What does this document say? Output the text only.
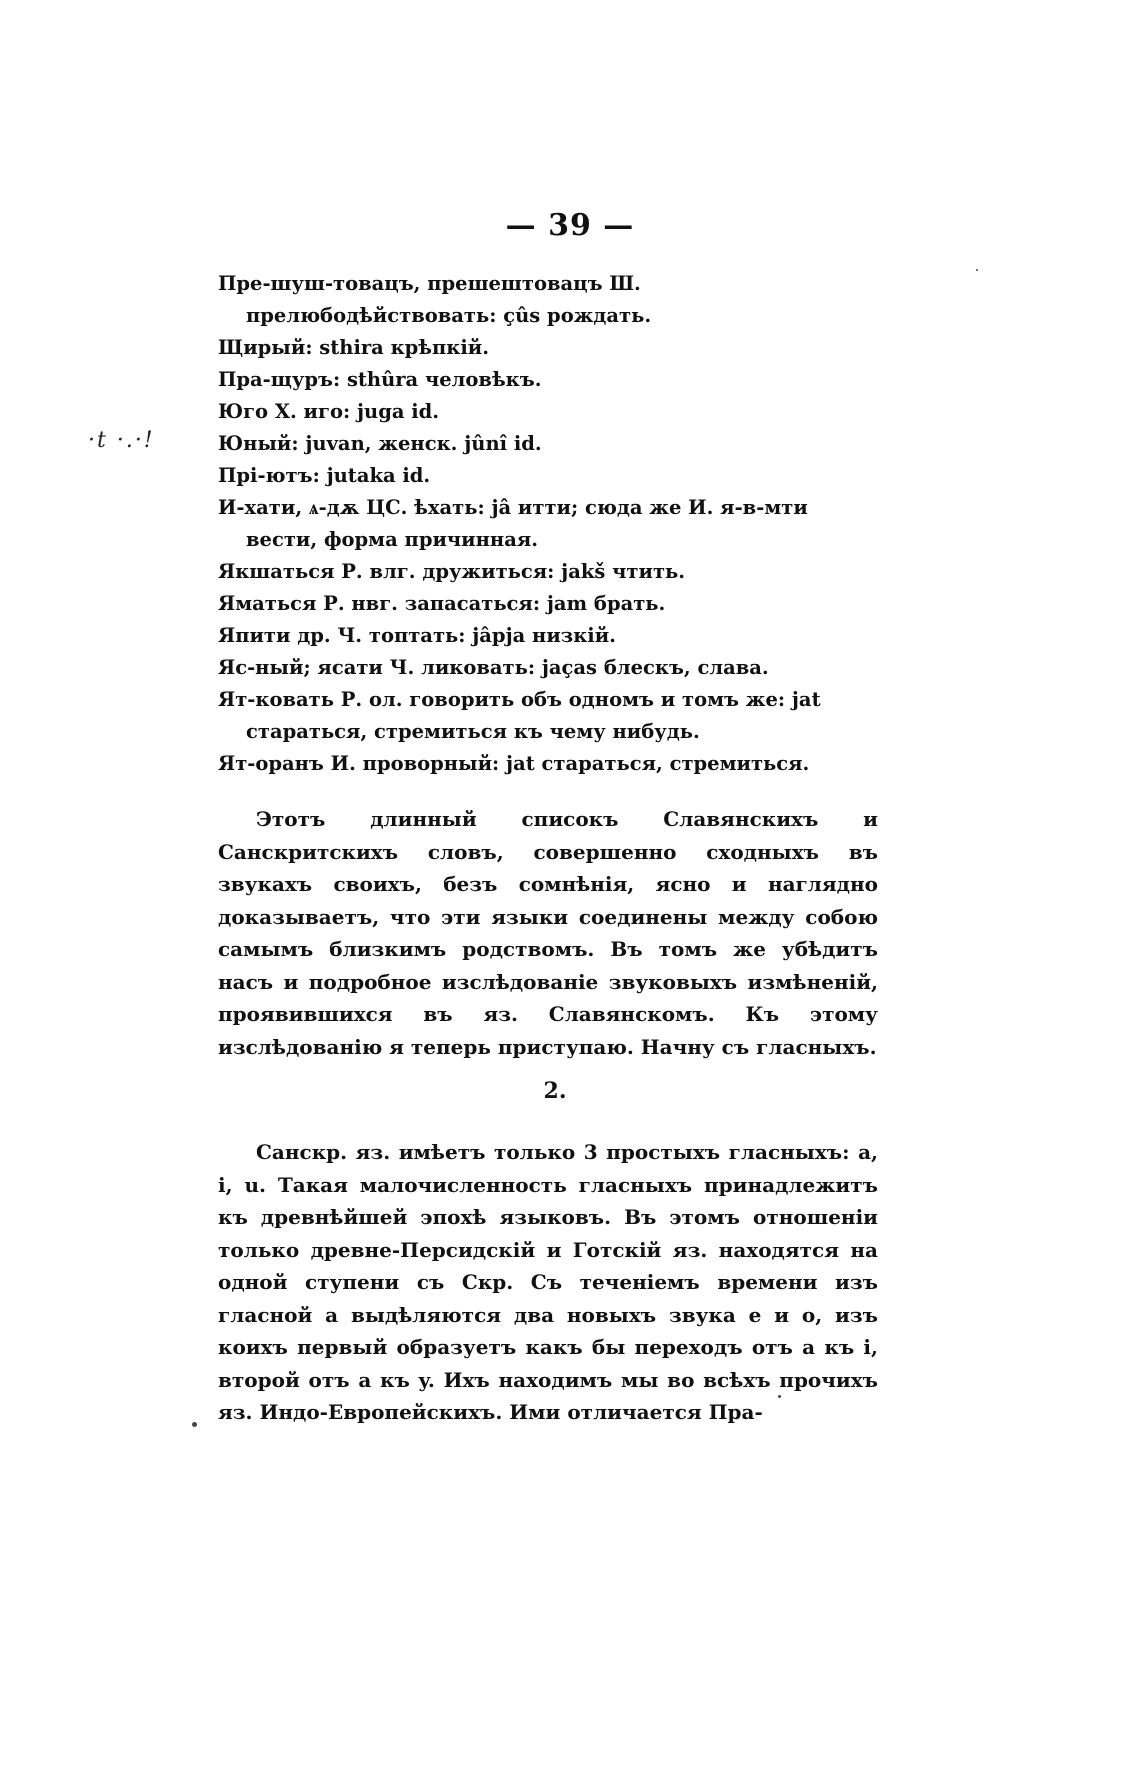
— 39 —
·t ·.·!
Пре-шуш-товацъ, прешештовацъ Ш. прелюбодѣйствовать: çûs рождать.
Щирый: sthira крѣпкій.
Пра-щуръ: sthûra человѣкъ.
Юго Х. иго: juga id.
Юный: juvan, женск. jûnî id.
Прі-ютъ: jutaka id.
И-хати, ѧ-дѫ ЦС. ѣхать: jâ итти; сюда же И. я-в-мти вести, форма причинная.
Якшаться Р. влг. дружиться: jakš чтить.
Яматься Р. нвг. запасаться: jam брать.
Япити др. Ч. топтать: jâpja низкій.
Яс-ный; ясати Ч. ликовать: jaças блескъ, слава.
Ят-ковать Р. ол. говорить объ одномъ и томъ же: jat стараться, стремиться къ чему нибудь.
Ят-оранъ И. проворный: jat стараться, стремиться.

Этотъ длинный списокъ Славянскихъ и Санскритскихъ словъ, совершенно сходныхъ въ звукахъ своихъ, безъ сомнѣнія, ясно и наглядно доказываетъ, что эти языки соединены между собою самымъ близкимъ родствомъ. Въ томъ же убѣдитъ насъ и подробное изслѣдованіе звуковыхъ измѣненій, проявившихся въ яз. Славянскомъ. Къ этому изслѣдованію я теперь приступаю. Начну съ гласныхъ.

2.

Санскр. яз. имѣетъ только 3 простыхъ гласныхъ: a, i, u. Такая малочисленность гласныхъ принадлежитъ къ древнѣйшей эпохѣ языковъ. Въ этомъ отношеніи только древне-Персидскій и Готскій яз. находятся на одной ступени съ Скр. Съ теченіемъ времени изъ гласной a выдѣляются два новыхъ звука e и o, изъ коихъ первый образуетъ какъ бы переходъ отъ a къ i, второй отъ a къ y. Ихъ находимъ мы во всѣхъ прочихъ яз. Индо-Европейскихъ. Ими отличается Пра-
